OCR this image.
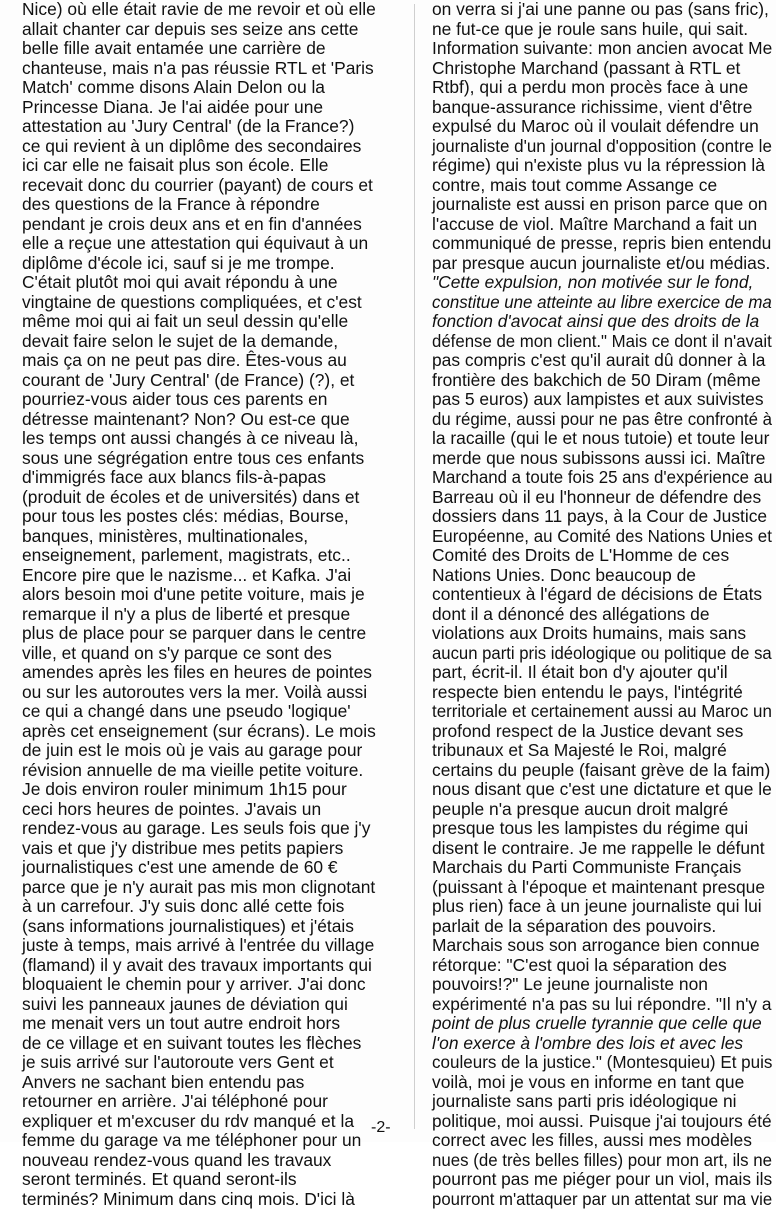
Nice) où elle était ravie de me revoir et où elle
allait chanter car depuis ses seize ans cette
belle fille avait entamée une carrière de
chanteuse, mais n'a pas réussie RTL et 'Paris
Match' comme disons Alain Delon ou la
Princesse Diana. Je l'ai aidée pour une
attestation au 'Jury Central' (de la France?)
ce qui revient à un diplôme des secondaires
ici car elle ne faisait plus son école. Elle
recevait donc du courrier (payant) de cours et
des questions de la France à répondre
pendant je crois deux ans et en fin d'années
elle a reçue une attestation qui équivaut à un
diplôme d'école ici, sauf si je me trompe.
C'était plutôt moi qui avait répondu à une
vingtaine de questions compliquées, et c'est
même moi qui ai fait un seul dessin qu'elle
devait faire selon le sujet de la demande,
mais ça on ne peut pas dire. Êtes-vous au
courant de 'Jury Central' (de France) (?), et
pourriez-vous aider tous ces parents en
détresse maintenant? Non? Ou est-ce que
les temps ont aussi changés à ce niveau là,
sous une ségrégation entre tous ces enfants
d'immigrés face aux blancs fils-à-papas
(produit de écoles et de universités) dans et
pour tous les postes clés: médias, Bourse,
banques, ministères, multinationales,
enseignement, parlement, magistrats, etc..
Encore pire que le nazisme... et Kafka. J'ai
alors besoin moi d'une petite voiture, mais je
remarque il n'y a plus de liberté et presque
plus de place pour se parquer dans le centre
ville, et quand on s'y parque ce sont des
amendes après les files en heures de pointes
ou sur les autoroutes vers la mer. Voilà aussi
ce qui a changé dans une pseudo 'logique'
après cet enseignement (sur écrans). Le mois
de juin est le mois où je vais au garage pour
révision annuelle de ma vieille petite voiture.
Je dois environ rouler minimum 1h15 pour
ceci hors heures de pointes. J'avais un
rendez-vous au garage. Les seuls fois que j'y
vais et que j'y distribue mes petits papiers
journalistiques c'est une amende de 60 €
parce que je n'y aurait pas mis mon clignotant
à un carrefour. J'y suis donc allé cette fois
(sans informations journalistiques) et j'étais
juste à temps, mais arrivé à l'entrée du village
(flamand) il y avait des travaux importants qui
bloquaient le chemin pour y arriver. J'ai donc
suivi les panneaux jaunes de déviation qui
me menait vers un tout autre endroit hors
de ce village et en suivant toutes les flèches
je suis arrivé sur l'autoroute vers Gent et
Anvers ne sachant bien entendu pas
retourner en arrière. J'ai téléphoné pour
expliquer et m'excuser du rdv manqué et la
femme du garage va me téléphoner pour un
nouveau rendez-vous quand les travaux
seront terminés. Et quand seront-ils
terminés? Minimum dans cinq mois. D'ici là
on verra si j'ai une panne ou pas (sans fric),
ne fut-ce que je roule sans huile, qui sait.
Information suivante: mon ancien avocat Me
Christophe Marchand (passant à RTL et
Rtbf), qui a perdu mon procès face à une
banque-assurance richissime, vient d'être
expulsé du Maroc où il voulait défendre un
journaliste d'un journal d'opposition (contre le
régime) qui n'existe plus vu la répression là
contre, mais tout comme Assange ce
journaliste est aussi en prison parce que on
l'accuse de viol. Maître Marchand a fait un
communiqué de presse, repris bien entendu
par presque aucun journaliste et/ou médias.
"Cette expulsion, non motivée sur le fond,
constitue une atteinte au libre exercice de ma
fonction d'avocat ainsi que des droits de la
défense de mon client." Mais ce dont il n'avait
pas compris c'est qu'il aurait dû donner à la
frontière des bakchich de 50 Diram (même
pas 5 euros) aux lampistes et aux suivistes
du régime, aussi pour ne pas être confronté à
la racaille (qui le et nous tutoie) et toute leur
merde que nous subissons aussi ici. Maître
Marchand a toute fois 25 ans d'expérience au
Barreau où il eu l'honneur de défendre des
dossiers dans 11 pays, à la Cour de Justice
Européenne, au Comité des Nations Unies et
Comité des Droits de L'Homme de ces
Nations Unies. Donc beaucoup de
contentieux à l'égard de décisions de États
dont il a dénoncé des allégations de
violations aux Droits humains, mais sans
aucun parti pris idéologique ou politique de sa
part, écrit-il. Il était bon d'y ajouter qu'il
respecte bien entendu le pays, l'intégrité
territoriale et certainement aussi au Maroc un
profond respect de la Justice devant ses
tribunaux et Sa Majesté le Roi, malgré
certains du peuple (faisant grève de la faim)
nous disant que c'est une dictature et que le
peuple n'a presque aucun droit malgré
presque tous les lampistes du régime qui
disent le contraire. Je me rappelle le défunt
Marchais du Parti Communiste Français
(puissant à l'époque et maintenant presque
plus rien) face à un jeune journaliste qui lui
parlait de la séparation des pouvoirs.
Marchais sous son arrogance bien connue
rétorque: "C'est quoi la séparation des
pouvoirs!?" Le jeune journaliste non
expérimenté n'a pas su lui répondre. "Il n'y a
point de plus cruelle tyrannie que celle que
l'on exerce à l'ombre des lois et avec les
couleurs de la justice." (Montesquieu) Et puis
voilà, moi je vous en informe en tant que
journaliste sans parti pris idéologique ni
politique, moi aussi. Puisque j'ai toujours été
correct avec les filles, aussi mes modèles
nues (de très belles filles) pour mon art, ils ne
pourront pas me piéger pour un viol, mais ils
pourront m'attaquer par un attentat sur ma vie
-2-
